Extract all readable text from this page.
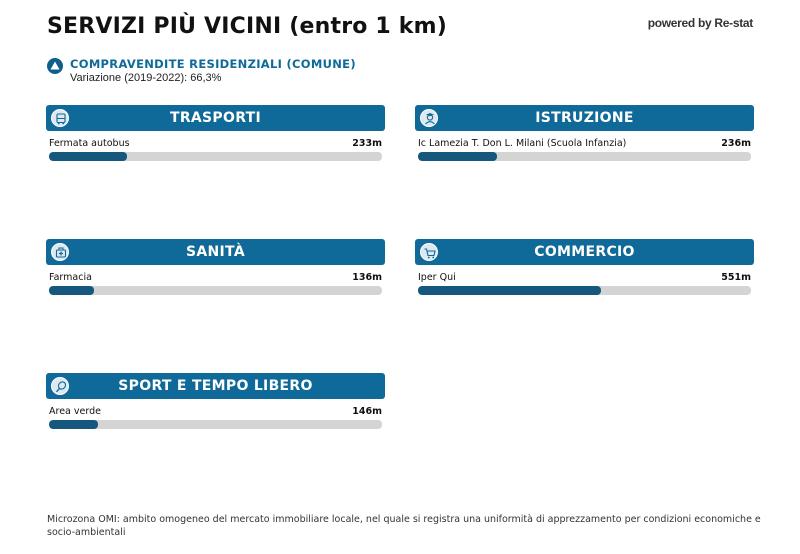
SERVIZI PIÙ VICINI (entro 1 km)	powered by Re-stat
COMPRAVENDITE RESIDENZIALI (COMUNE)
Variazione (2019-2022): 66,3%
TRASPORTI
Fermata autobus	233m
ISTRUZIONE
Ic Lamezia T. Don L. Milani (Scuola Infanzia)	236m
SANITÀ
Farmacia	136m
COMMERCIO
Iper Qui	551m
SPORT E TEMPO LIBERO
Area verde	146m
Microzona OMI: ambito omogeneo del mercato immobiliare locale, nel quale si registra una uniformità di apprezzamento per condizioni economiche e socio-ambientali
